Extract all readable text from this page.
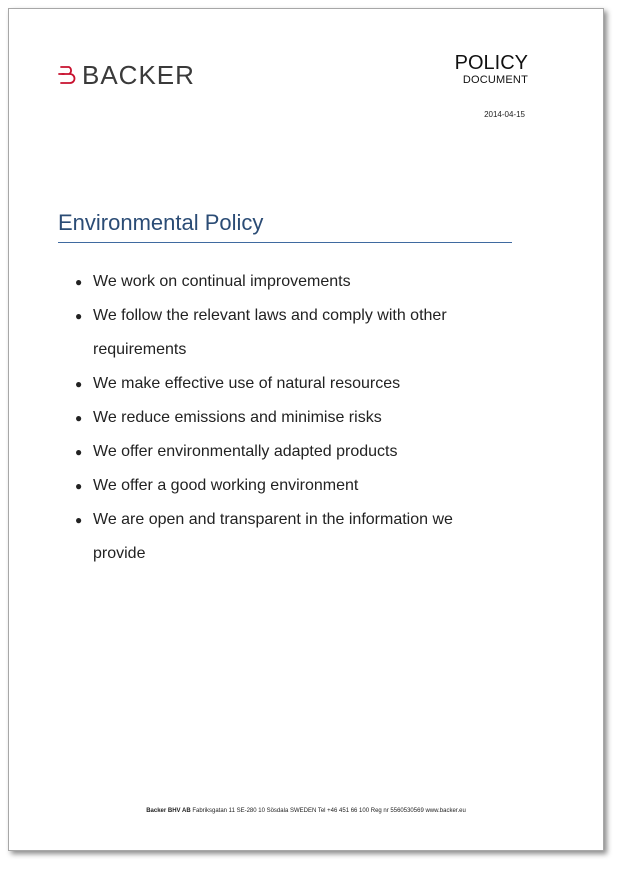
BACKER	POLICY
DOCUMENT
2014-04-15
Environmental Policy
● We work on continual improvements
● We follow the relevant laws and comply with other requirements
● We make effective use of natural resources
● We reduce emissions and minimise risks
● We offer environmentally adapted products
● We offer a good working environment
● We are open and transparent in the information we provide
Backer BHV AB Fabriksgatan 11 SE-280 10 Sösdala SWEDEN Tel +46 451 66 100 Reg nr 5560530569 www.backer.eu
